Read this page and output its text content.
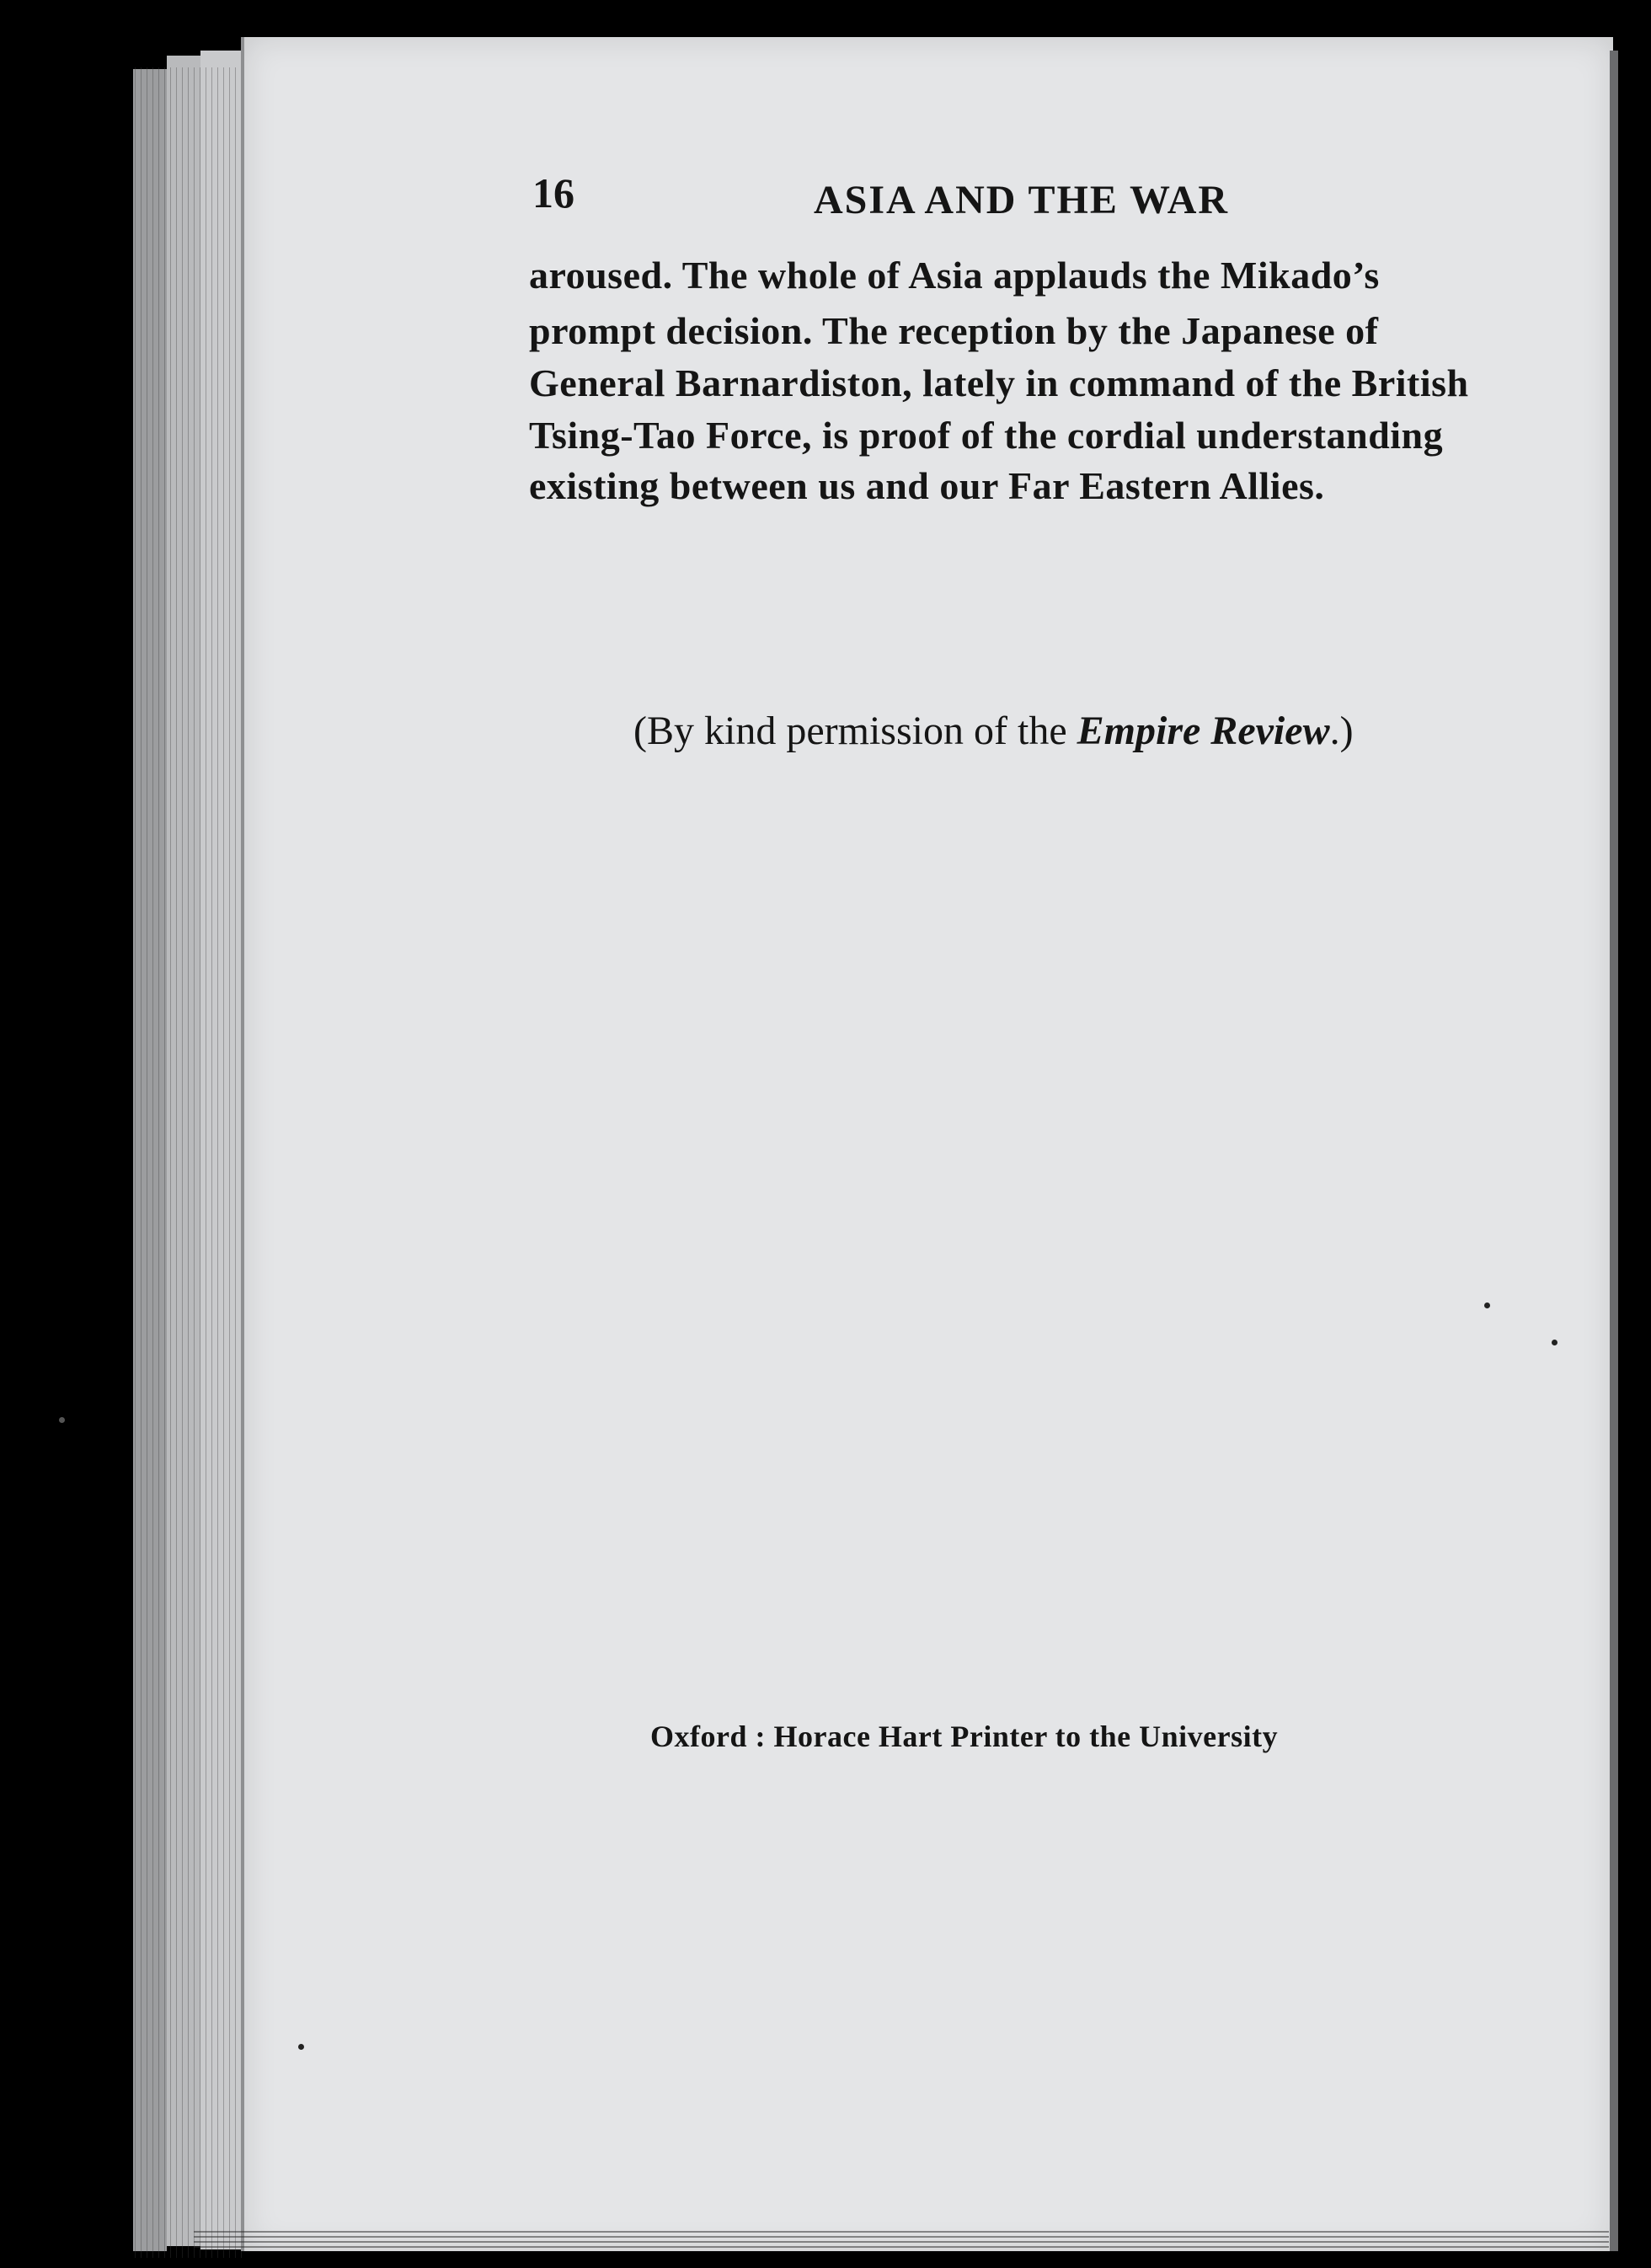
16	ASIA AND THE WAR
aroused. The whole of Asia applauds the Mikado’s
prompt decision. The reception by the Japanese of
General Barnardiston, lately in command of the British
Tsing-Tao Force, is proof of the cordial understanding
existing between us and our Far Eastern Allies.
(By kind permission of the Empire Review.)
Oxford : Horace Hart Printer to the University
